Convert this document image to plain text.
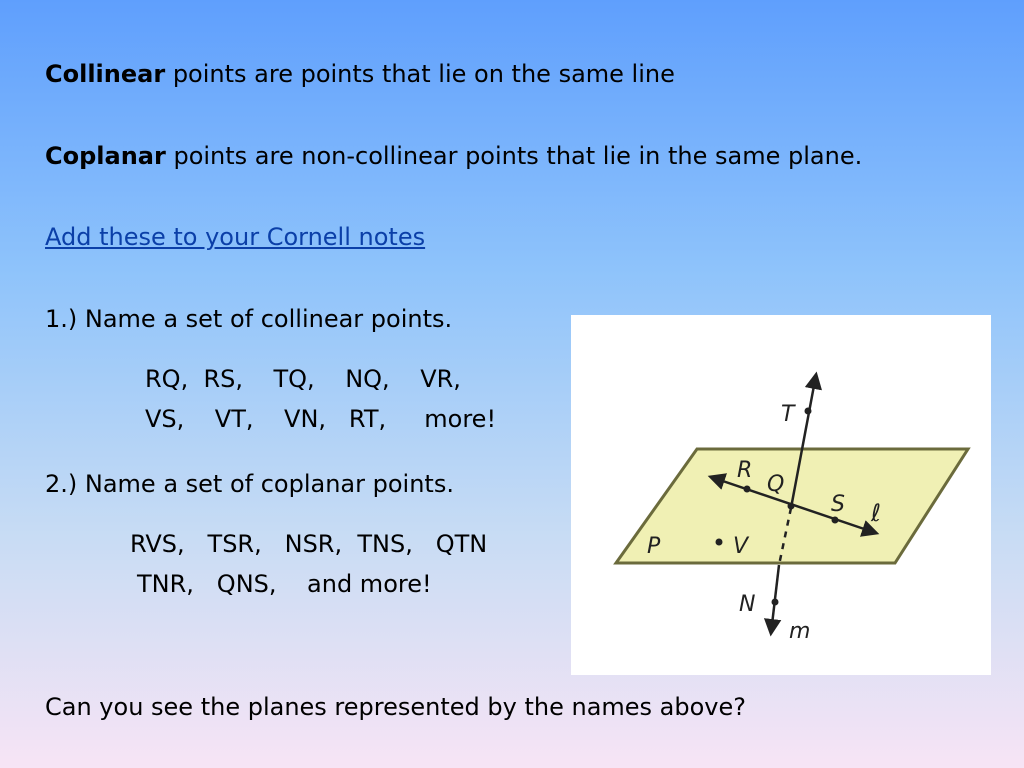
Collinear points are points that lie on the same line
Coplanar points are non-collinear points that lie in the same plane.
Add these to your Cornell notes
1.) Name a set of collinear points.
RQ,  RS,    TQ,    NQ,    VR,
VS,    VT,    VN,   RT,     more!
2.) Name a set of coplanar points.
RVS,   TSR,   NSR,  TNS,   QTN
TNR,   QNS,    and more!
Can you see the planes represented by the names above?
T
R
Q
S ℓ
P	V
N
m
